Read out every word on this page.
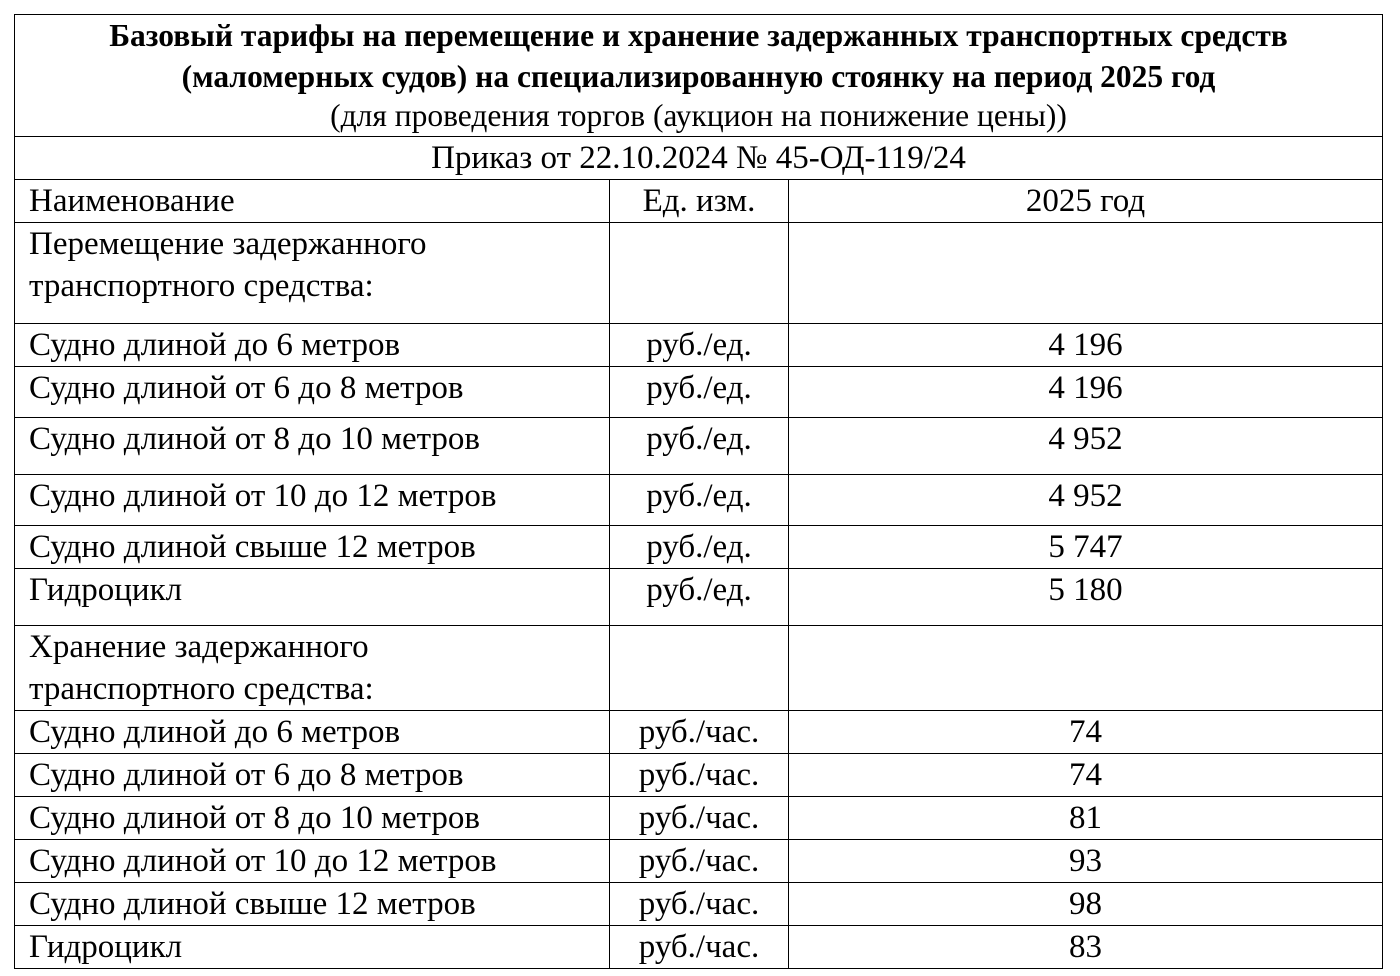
Базовый тарифы на перемещение и хранение задержанных транспортных средств
(маломерных судов) на специализированную стоянку на период 2025 год
(для проведения торгов (аукцион на понижение цены))		

Приказ от 22.10.2024 № 45-ОД-119/24		
Наименование	Ед. изм.	2025 год
Перемещение задержанного
транспортного средства:		
Судно длиной до 6 метров	руб./ед.	4 196
Судно длиной от 6 до 8 метров	руб./ед.	4 196
Судно длиной от 8 до 10 метров	руб./ед.	4 952
Судно длиной от 10 до 12 метров	руб./ед.	4 952
Судно длиной свыше 12 метров	руб./ед.	5 747
Гидроцикл	руб./ед.	5 180
Хранение задержанного
транспортного средства:		
Судно длиной до 6 метров	руб./час.	74
Судно длиной от 6 до 8 метров	руб./час.	74
Судно длиной от 8 до 10 метров	руб./час.	81
Судно длиной от 10 до 12 метров	руб./час.	93
Судно длиной свыше 12 метров	руб./час.	98
Гидроцикл	руб./час.	83
